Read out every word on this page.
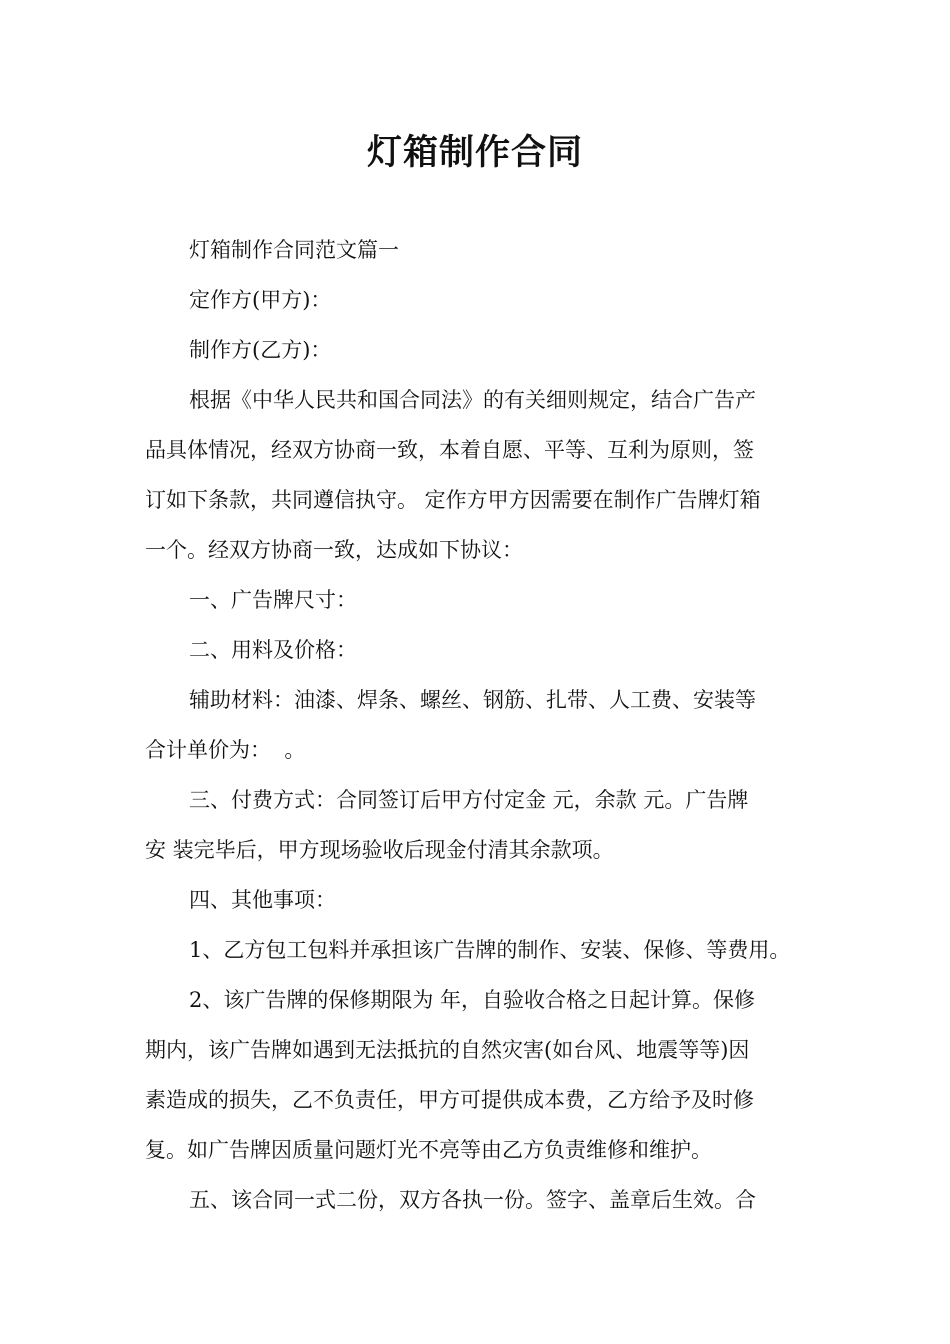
灯箱制作合同

灯箱制作合同范文篇一

定作方(甲方)：

制作方(乙方)：

根据《中华人民共和国合同法》的有关细则规定，结合广告产

品具体情况，经双方协商一致，本着自愿、平等、互利为原则，签

订如下条款，共同遵信执守。 定作方甲方因需要在制作广告牌灯箱

一个。经双方协商一致，达成如下协议：

一、广告牌尺寸：

二、用料及价格：

辅助材料：油漆、焊条、螺丝、钢筋、扎带、人工费、安装等

合计单价为：  。

三、付费方式：合同签订后甲方付定金 元，余款 元。广告牌

安 装完毕后，甲方现场验收后现金付清其余款项。

四、其他事项：

1、乙方包工包料并承担该广告牌的制作、安装、保修、等费用。

2、该广告牌的保修期限为 年，自验收合格之日起计算。保修

期内，该广告牌如遇到无法抵抗的自然灾害(如台风、地震等等)因

素造成的损失，乙不负责任，甲方可提供成本费，乙方给予及时修

复。如广告牌因质量问题灯光不亮等由乙方负责维修和维护。

五、该合同一式二份，双方各执一份。签字、盖章后生效。合
